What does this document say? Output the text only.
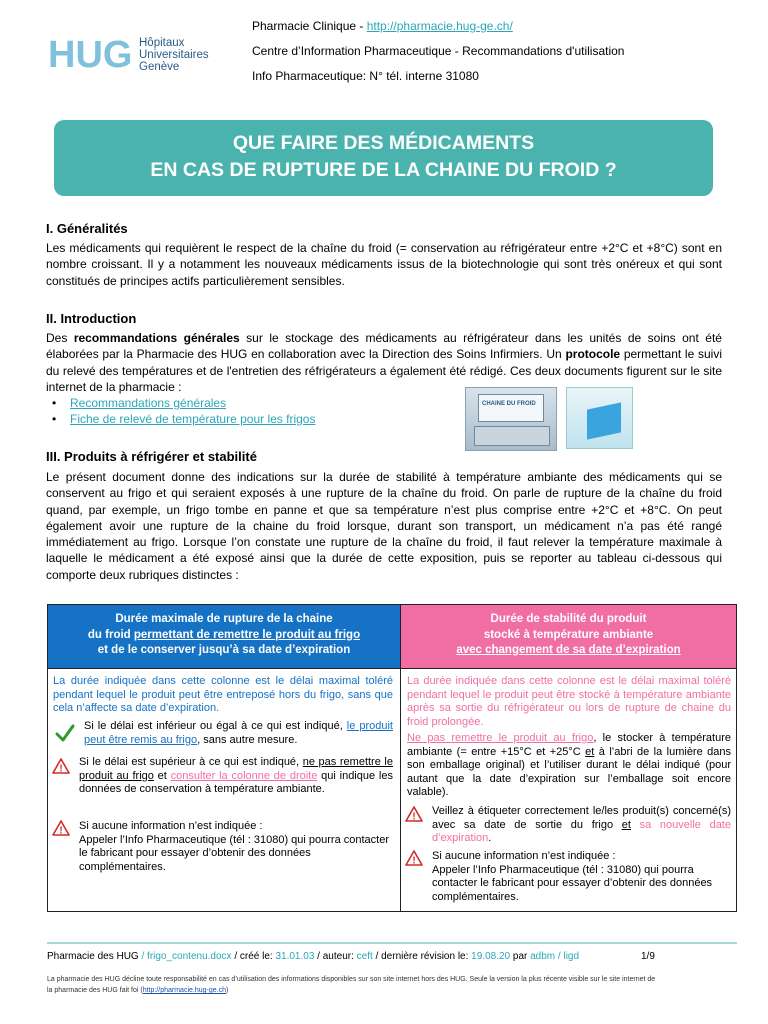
HUG Hôpitaux
Universitaires
Genève
Pharmacie Clinique - http://pharmacie.hug-ge.ch/
Centre d’Information Pharmaceutique - Recommandations d'utilisation
Info Pharmaceutique: N° tél. interne 31080
QUE FAIRE DES MÉDICAMENTS
EN CAS DE RUPTURE DE LA CHAINE DU FROID ?
I. Généralités
Les médicaments qui requièrent le respect de la chaîne du froid (= conservation au réfrigérateur entre +2°C et +8°C) sont en nombre croissant. Il y a notamment les nouveaux médicaments issus de la biotechnologie qui sont très onéreux et qui sont constitués de principes actifs particulièrement sensibles.
II. Introduction
Des recommandations générales sur le stockage des médicaments au réfrigérateur dans les unités de soins ont été élaborées par la Pharmacie des HUG en collaboration avec la Direction des Soins Infirmiers. Un protocole permettant le suivi du relevé des températures et de l'entretien des réfrigérateurs a également été rédigé. Ces deux documents figurent sur le site internet de la pharmacie :
• Recommandations générales
• Fiche de relevé de température pour les frigos
CHAINE DU FROID
III. Produits à réfrigérer et stabilité
Le présent document donne des indications sur la durée de stabilité à température ambiante des médicaments qui se conservent au frigo et qui seraient exposés à une rupture de la chaîne du froid. On parle de rupture de la chaîne du froid quand, par exemple, un frigo tombe en panne et que sa température n’est plus comprise entre +2°C et +8°C. On peut également avoir une rupture de la chaine du froid lorsque, durant son transport, un médicament n’a pas été rangé immédiatement au frigo. Lorsque l’on constate une rupture de la chaîne du froid, il faut relever la température maximale à laquelle le médicament a été exposé ainsi que la durée de cette exposition, puis se reporter au tableau ci-dessous qui comporte deux rubriques distinctes :
Durée maximale de rupture de la chaine
du froid permettant de remettre le produit au frigo
et de le conserver jusqu’à sa date d’expiration
Durée de stabilité du produit
stocké à température ambiante
avec changement de sa date d’expiration
La durée indiquée dans cette colonne est le délai maximal toléré pendant lequel le produit peut être entreposé hors du frigo, sans que cela n’affecte sa date d’expiration.
Si le délai est inférieur ou égal à ce qui est indiqué, le produit peut être remis au frigo, sans autre mesure.
!
Si le délai est supérieur à ce qui est indiqué, ne pas remettre le produit au frigo et consulter la colonne de droite qui indique les données de conservation à température ambiante.
! Si aucune information n’est indiquée :
Appeler l’Info Pharmaceutique (tél : 31080) qui pourra contacter le fabricant pour essayer d’obtenir des données complémentaires.
La durée indiquée dans cette colonne est le délai maximal toléré pendant lequel le produit peut être stocké à température ambiante après sa sortie du réfrigérateur ou lors de rupture de chaine du froid prolongée.
Ne pas remettre le produit au frigo, le stocker à température ambiante (= entre +15°C et +25°C et à l’abri de la lumière dans son emballage original) et l’utiliser durant le délai indiqué (pour autant que la date d’expiration sur l’emballage soit encore valable).
! Veillez à étiqueter correctement le/les produit(s) concerné(s) avec sa date de sortie du frigo et sa nouvelle date d’expiration.
! Si aucune information n’est indiquée :
Appeler l’Info Pharmaceutique (tél : 31080) qui pourra contacter le fabricant pour essayer d’obtenir des données complémentaires.
Pharmacie des HUG / frigo_contenu.docx / créé le: 31.01.03 / auteur: ceft / dernière révision le: 19.08.20 par adbm / ligd	1/9
La pharmacie des HUG décline toute responsabilité en cas d’utilisation des informations disponibles sur son site internet hors des HUG. Seule la version la plus récente visible sur le site internet de
la pharmacie des HUG fait foi (http://pharmacie.hug-ge.ch)
